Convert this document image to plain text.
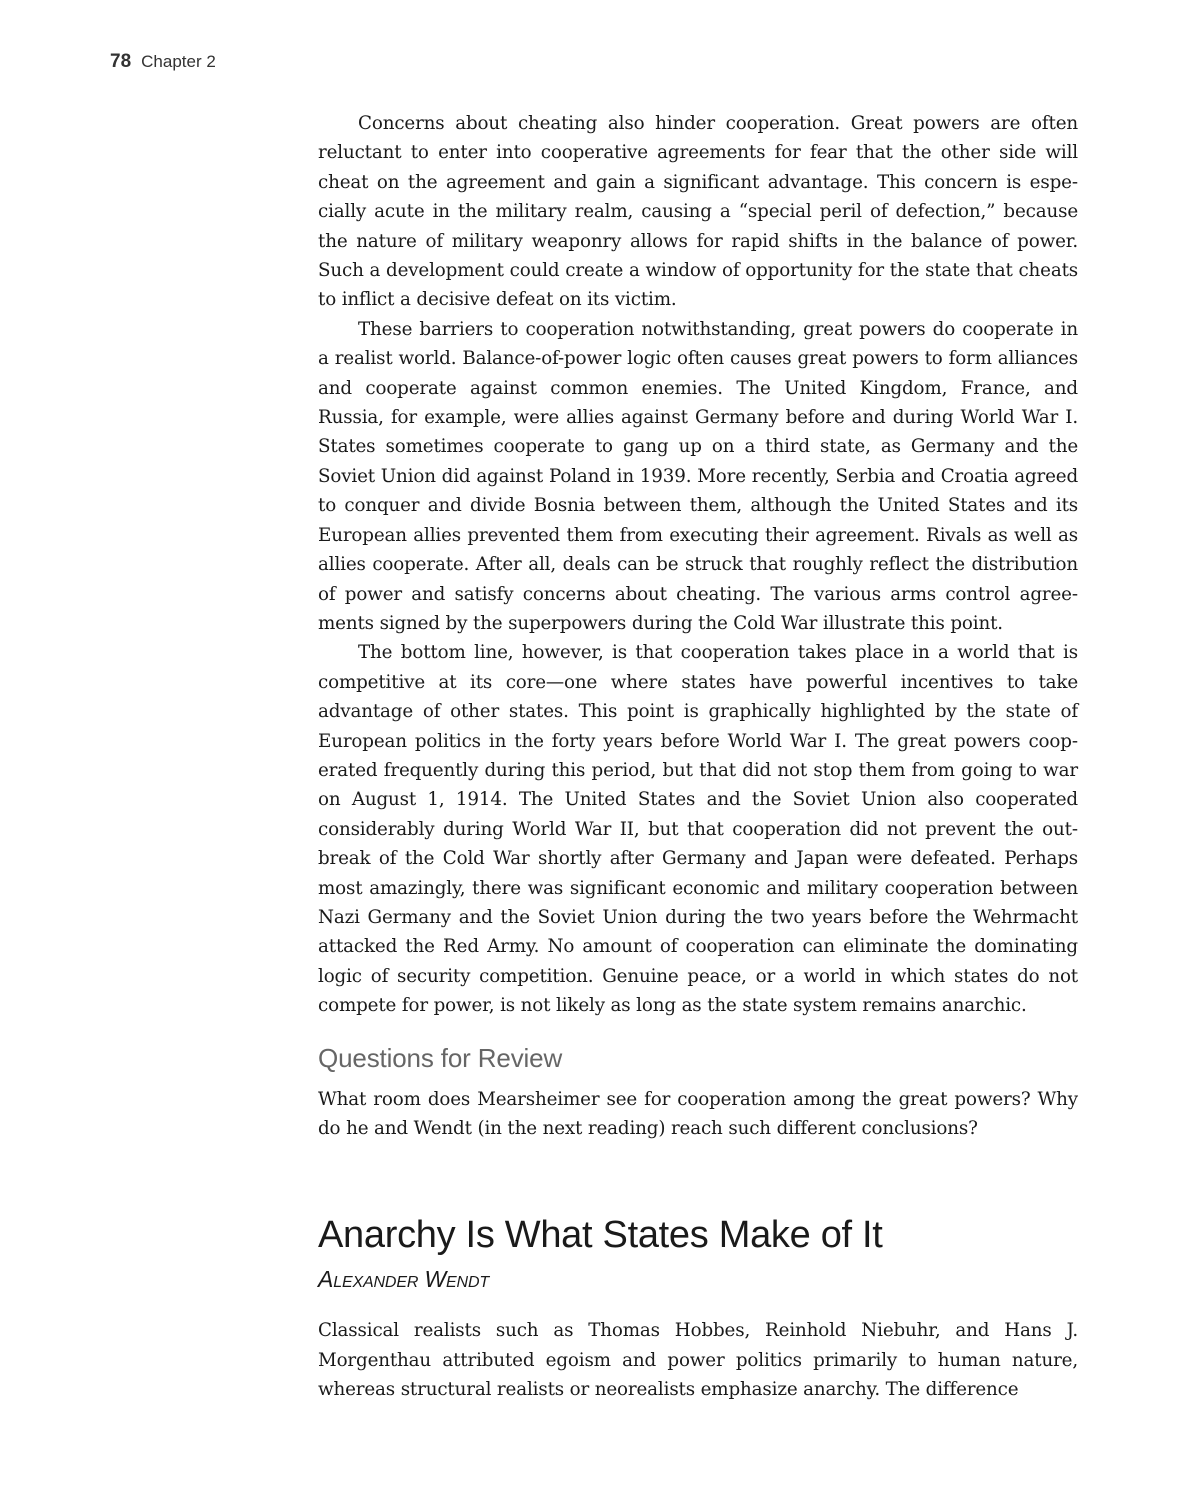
78 Chapter 2

Concerns about cheating also hinder cooperation. Great powers are often reluctant to enter into cooperative agreements for fear that the other side will cheat on the agreement and gain a significant advantage. This concern is especially acute in the military realm, causing a “special peril of defection,” because the nature of military weaponry allows for rapid shifts in the balance of power. Such a development could create a window of opportunity for the state that cheats to inflict a decisive defeat on its victim.

These barriers to cooperation notwithstanding, great powers do cooperate in a realist world. Balance-of-power logic often causes great powers to form alliances and cooperate against common enemies. The United Kingdom, France, and Russia, for example, were allies against Germany before and during World War I. States sometimes cooperate to gang up on a third state, as Germany and the Soviet Union did against Poland in 1939. More recently, Serbia and Croatia agreed to conquer and divide Bosnia between them, although the United States and its European allies prevented them from executing their agreement. Rivals as well as allies cooperate. After all, deals can be struck that roughly reflect the distribution of power and satisfy concerns about cheating. The various arms control agreements signed by the superpowers during the Cold War illustrate this point.

The bottom line, however, is that cooperation takes place in a world that is competitive at its core—one where states have powerful incentives to take advantage of other states. This point is graphically highlighted by the state of European politics in the forty years before World War I. The great powers cooperated frequently during this period, but that did not stop them from going to war on August 1, 1914. The United States and the Soviet Union also cooperated considerably during World War II, but that cooperation did not prevent the outbreak of the Cold War shortly after Germany and Japan were defeated. Perhaps most amazingly, there was significant economic and military cooperation between Nazi Germany and the Soviet Union during the two years before the Wehrmacht attacked the Red Army. No amount of cooperation can eliminate the dominating logic of security competition. Genuine peace, or a world in which states do not compete for power, is not likely as long as the state system remains anarchic.

Questions for Review

What room does Mearsheimer see for cooperation among the great powers? Why do he and Wendt (in the next reading) reach such different conclusions?

Anarchy Is What States Make of It
Alexander Wendt

Classical realists such as Thomas Hobbes, Reinhold Niebuhr, and Hans J. Morgenthau attributed egoism and power politics primarily to human nature, whereas structural realists or neorealists emphasize anarchy. The difference
